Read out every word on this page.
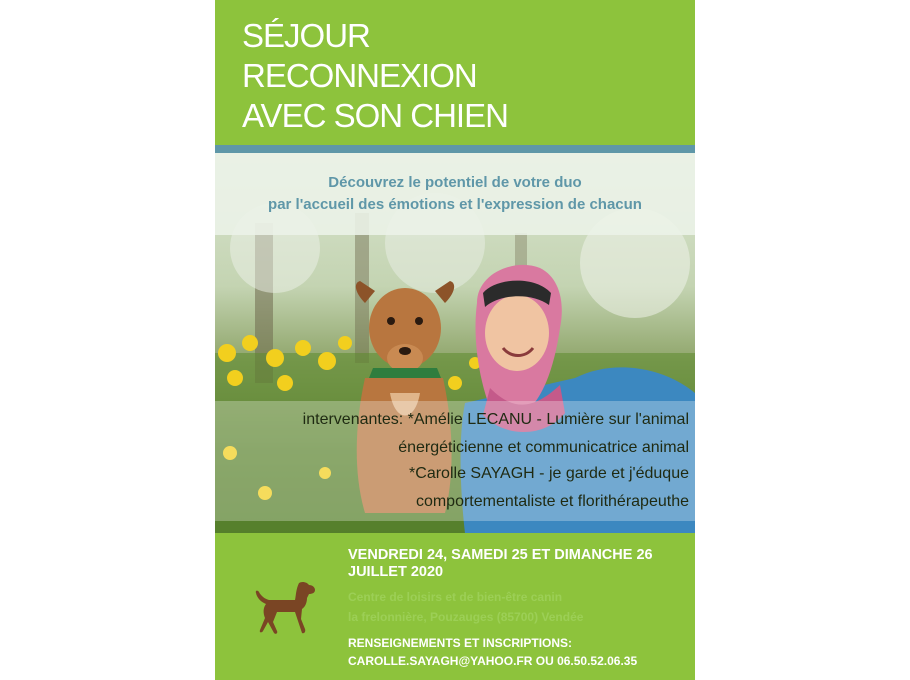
SÉJOUR
RECONNEXION
AVEC SON CHIEN
Découvrez le potentiel de votre duo
par l'accueil des émotions et l'expression de chacun
intervenantes: *Amélie LECANU - Lumière sur l'animal
énergéticienne et communicatrice animal
*Carolle SAYAGH - je garde et j'éduque
comportementaliste et florithérapeuthe
VENDREDI 24, SAMEDI 25 ET DIMANCHE 26
JUILLET 2020
Centre de loisirs et de bien-être canin
la frelonnière, Pouzauges (85700) Vendée
RENSEIGNEMENTS ET INSCRIPTIONS:
CAROLLE.SAYAGH@YAHOO.FR OU 06.50.52.06.35
